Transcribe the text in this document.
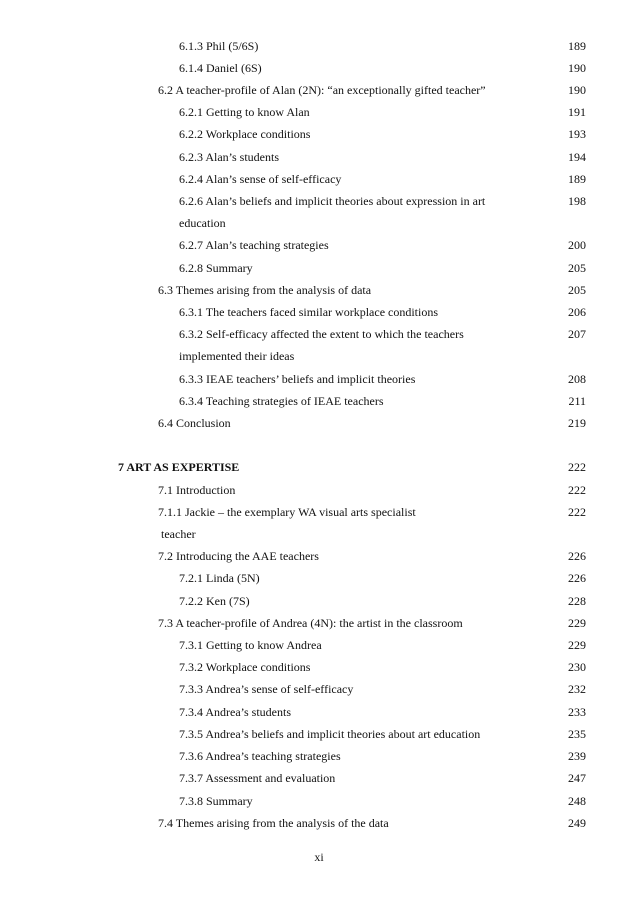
6.1.3 Phil (5/6S)	189
6.1.4 Daniel (6S)	190
6.2 A teacher-profile of Alan (2N): “an exceptionally gifted teacher”	190
6.2.1 Getting to know Alan	191
6.2.2 Workplace conditions	193
6.2.3 Alan’s students	194
6.2.4 Alan’s sense of self-efficacy	189
6.2.6 Alan’s beliefs and implicit theories about expression in art	198
education
6.2.7 Alan’s teaching strategies	200
6.2.8 Summary	205
6.3 Themes arising from the analysis of data	205
6.3.1 The teachers faced similar workplace conditions	206
6.3.2 Self-efficacy affected the extent to which the teachers	207
implemented their ideas
6.3.3 IEAE teachers’ beliefs and implicit theories	208
6.3.4 Teaching strategies of IEAE teachers	211
6.4 Conclusion	219
7 ART AS EXPERTISE	222
7.1 Introduction	222
7.1.1 Jackie – the exemplary WA visual arts specialist	222
teacher
7.2 Introducing the AAE teachers	226
7.2.1 Linda (5N)	226
7.2.2 Ken (7S)	228
7.3 A teacher-profile of Andrea (4N): the artist in the classroom	229
7.3.1 Getting to know Andrea	229
7.3.2 Workplace conditions	230
7.3.3 Andrea’s sense of self-efficacy	232
7.3.4 Andrea’s students	233
7.3.5 Andrea’s beliefs and implicit theories about art education	235
7.3.6 Andrea’s teaching strategies	239
7.3.7 Assessment and evaluation	247
7.3.8 Summary	248
7.4 Themes arising from the analysis of the data	249
xi
